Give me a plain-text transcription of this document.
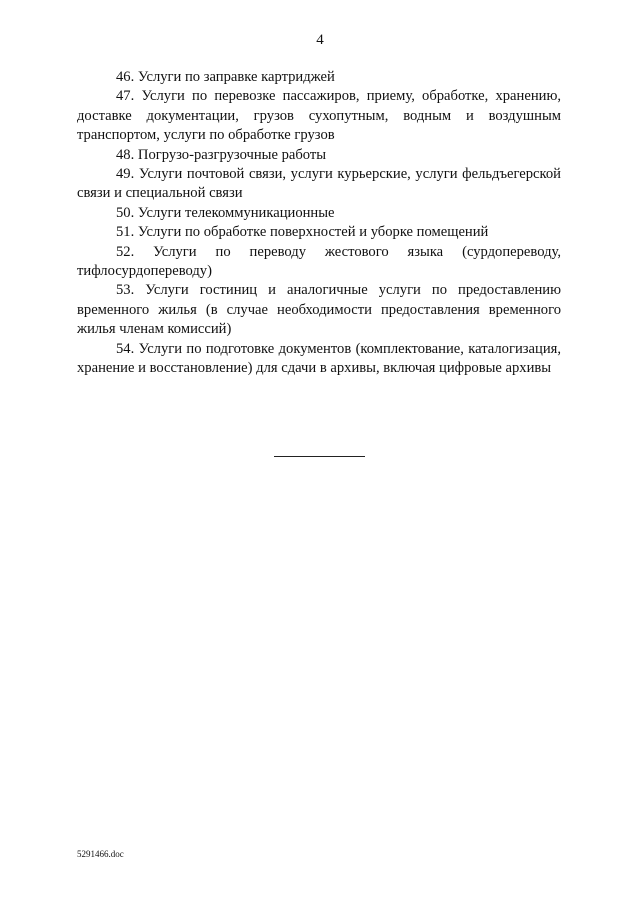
4

46. Услуги по заправке картриджей

47. Услуги по перевозке пассажиров, приему, обработке, хранению, доставке документации, грузов сухопутным, водным и воздушным транспортом, услуги по обработке грузов

48. Погрузо-разгрузочные работы

49. Услуги почтовой связи, услуги курьерские, услуги фельдъегерской связи и специальной связи

50. Услуги телекоммуникационные

51. Услуги по обработке поверхностей и уборке помещений

52. Услуги по переводу жестового языка (сурдопереводу, тифлосурдопереводу)

53. Услуги гостиниц и аналогичные услуги по предоставлению временного жилья (в случае необходимости предоставления временного жилья членам комиссий)

54. Услуги по подготовке документов (комплектование, каталогизация, хранение и восстановление) для сдачи в архивы, включая цифровые архивы

5291466.doc
